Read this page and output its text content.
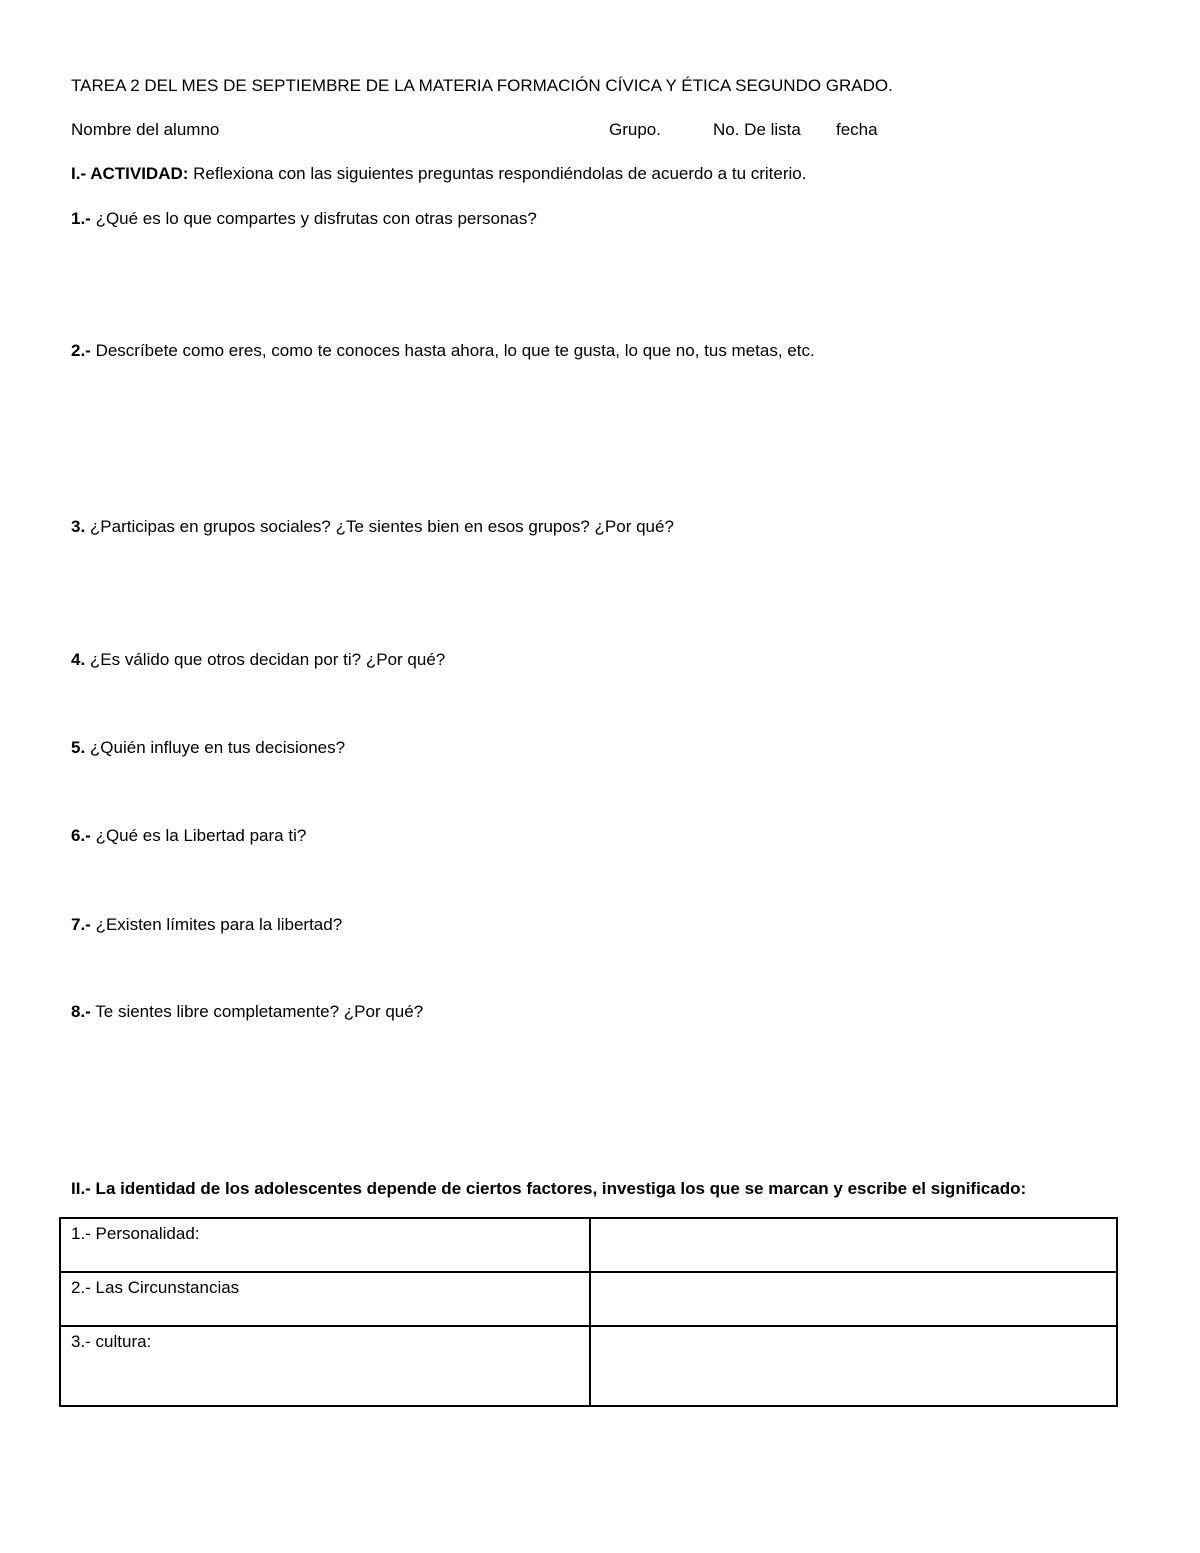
TAREA 2 DEL MES DE SEPTIEMBRE DE LA MATERIA FORMACIÓN CÍVICA Y ÉTICA SEGUNDO GRADO.
Nombre del alumno	Grupo.	No. De lista fecha
I.- ACTIVIDAD: Reflexiona con las siguientes preguntas respondiéndolas de acuerdo a tu criterio.
1.- ¿Qué es lo que compartes y disfrutas con otras personas?
2.- Descríbete como eres, como te conoces hasta ahora, lo que te gusta, lo que no, tus metas, etc.
3. ¿Participas en grupos sociales? ¿Te sientes bien en esos grupos? ¿Por qué?
4. ¿Es válido que otros decidan por ti? ¿Por qué?
5. ¿Quién influye en tus decisiones?
6.- ¿Qué es la Libertad para ti?
7.- ¿Existen límites para la libertad?
8.- Te sientes libre completamente? ¿Por qué?
II.- La identidad de los adolescentes depende de ciertos factores, investiga los que se marcan y escribe el significado:
1.- Personalidad:	
2.- Las Circunstancias	
3.- cultura:	
